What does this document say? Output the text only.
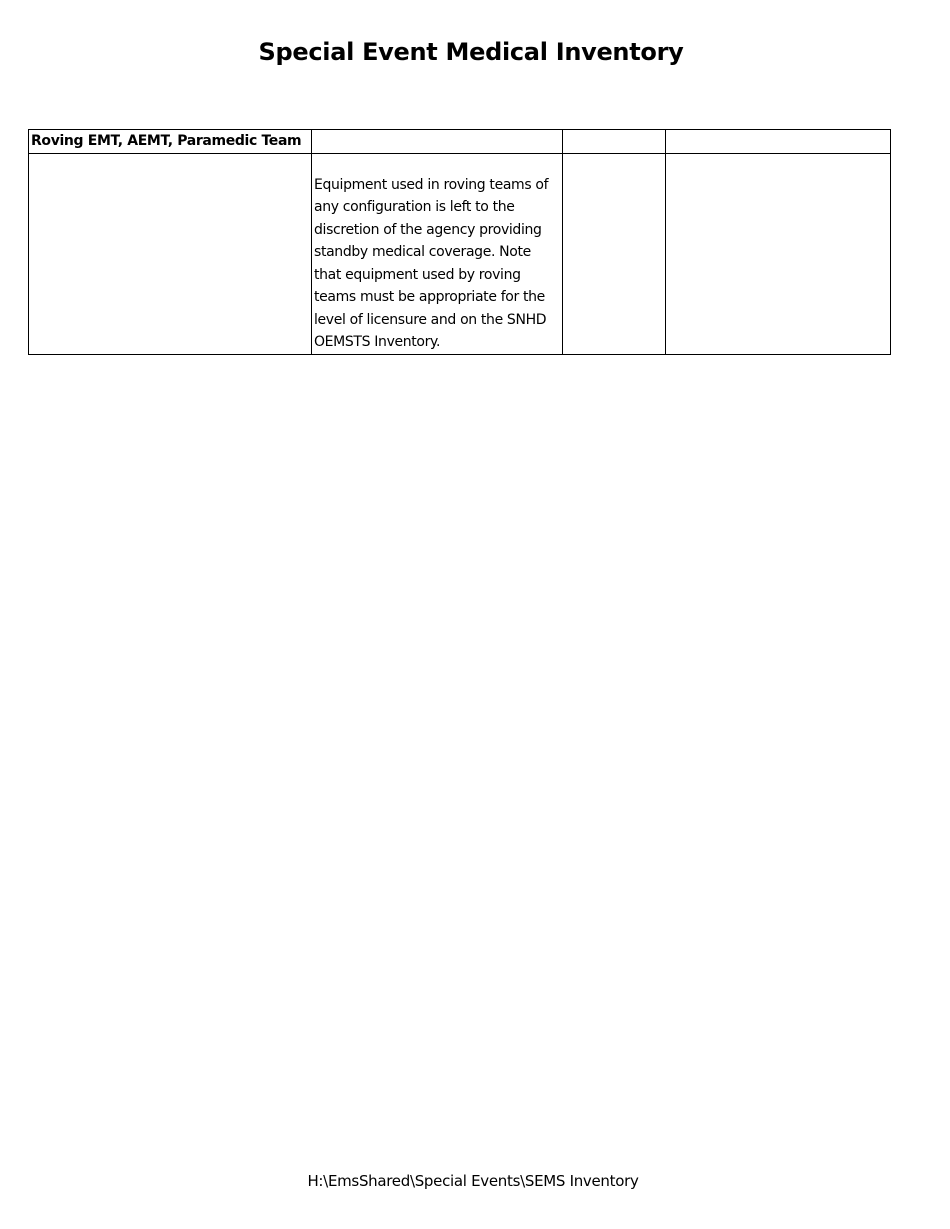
Special Event Medical Inventory
Roving EMT, AEMT, Paramedic Team			

	Equipment used in roving teams of any configuration is left to the discretion of the agency providing standby medical coverage. Note that equipment used by roving teams must be appropriate for the level of licensure and on the SNHD OEMSTS Inventory.		

H:\EmsShared\Special Events\SEMS Inventory
